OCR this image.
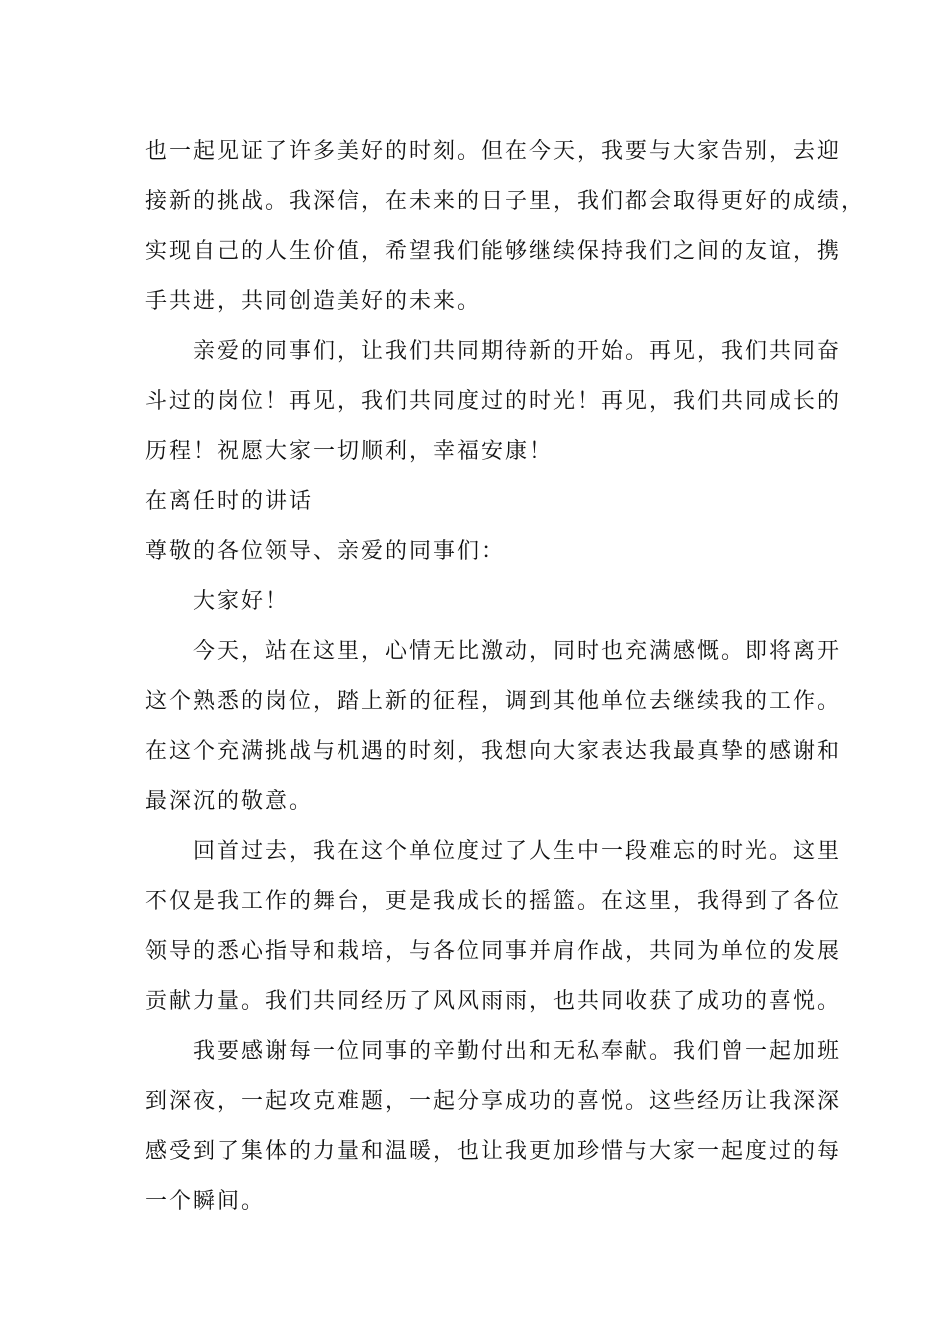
也一起见证了许多美好的时刻。但在今天，我要与大家告别，去迎
接新的挑战。我深信，在未来的日子里，我们都会取得更好的成绩，
实现自己的人生价值，希望我们能够继续保持我们之间的友谊，携
手共进，共同创造美好的未来。
亲爱的同事们，让我们共同期待新的开始。再见，我们共同奋
斗过的岗位！再见，我们共同度过的时光！再见，我们共同成长的
历程！祝愿大家一切顺利，幸福安康！
在离任时的讲话
尊敬的各位领导、亲爱的同事们：
大家好！
今天，站在这里，心情无比激动，同时也充满感慨。即将离开
这个熟悉的岗位，踏上新的征程，调到其他单位去继续我的工作。
在这个充满挑战与机遇的时刻，我想向大家表达我最真挚的感谢和
最深沉的敬意。
回首过去，我在这个单位度过了人生中一段难忘的时光。这里
不仅是我工作的舞台，更是我成长的摇篮。在这里，我得到了各位
领导的悉心指导和栽培，与各位同事并肩作战，共同为单位的发展
贡献力量。我们共同经历了风风雨雨，也共同收获了成功的喜悦。
我要感谢每一位同事的辛勤付出和无私奉献。我们曾一起加班
到深夜，一起攻克难题，一起分享成功的喜悦。这些经历让我深深
感受到了集体的力量和温暖，也让我更加珍惜与大家一起度过的每
一个瞬间。
